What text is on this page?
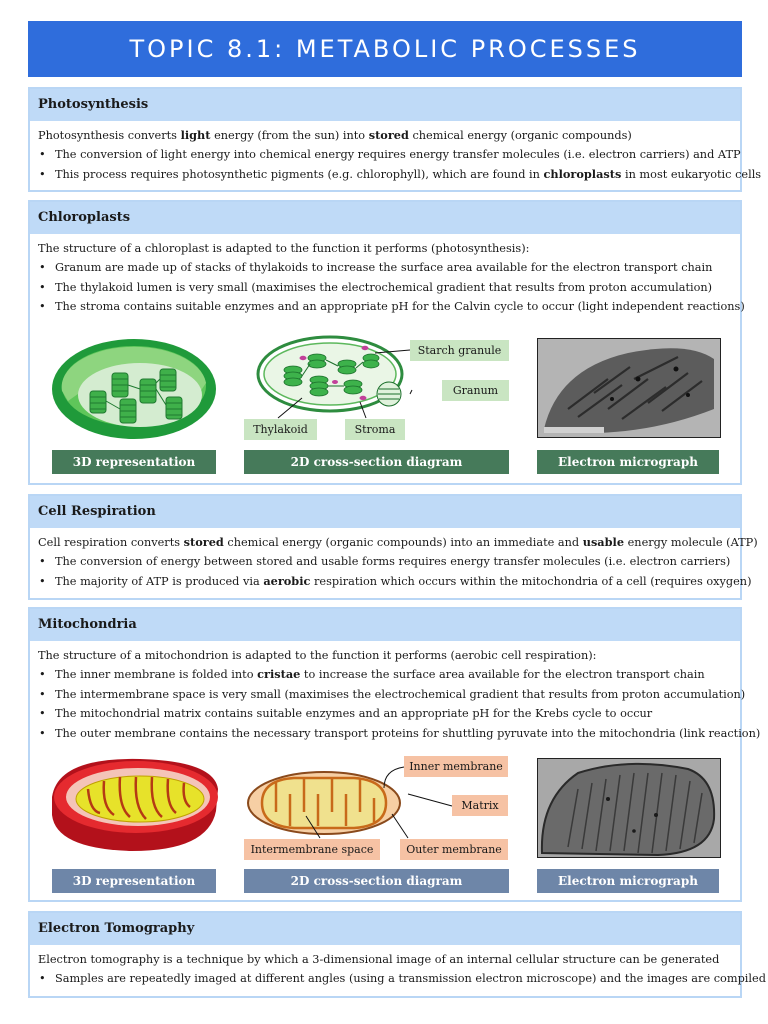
TOPIC 8.1: METABOLIC PROCESSES
Photosynthesis
Photosynthesis converts light energy (from the sun) into stored chemical energy (organic compounds)
• The conversion of light energy into chemical energy requires energy transfer molecules (i.e. electron carriers) and ATP
• This process requires photosynthetic pigments (e.g. chlorophyll), which are found in chloroplasts in most eukaryotic cells
Chloroplasts
The structure of a chloroplast is adapted to the function it performs (photosynthesis):
• Granum are made up of stacks of thylakoids to increase the surface area available for the electron transport chain
• The thylakoid lumen is very small (maximises the electrochemical gradient that results from proton accumulation)
• The stroma contains suitable enzymes and an appropriate pH for the Calvin cycle to occur (light independent reactions)
Starch granule
Granum
Thylakoid	Stroma
3D representation	2D cross-section diagram	Electron micrograph
Cell Respiration
Cell respiration converts stored chemical energy (organic compounds) into an immediate and usable energy molecule (ATP)
• The conversion of energy between stored and usable forms requires energy transfer molecules (i.e. electron carriers)
• The majority of ATP is produced via aerobic respiration which occurs within the mitochondria of a cell (requires oxygen)
Mitochondria
The structure of a mitochondrion is adapted to the function it performs (aerobic cell respiration):
• The inner membrane is folded into cristae to increase the surface area available for the electron transport chain
• The intermembrane space is very small (maximises the electrochemical gradient that results from proton accumulation)
• The mitochondrial matrix contains suitable enzymes and an appropriate pH for the Krebs cycle to occur
• The outer membrane contains the necessary transport proteins for shuttling pyruvate into the mitochondria (link reaction)
Inner membrane
Matrix
Intermembrane space	Outer membrane
3D representation	2D cross-section diagram	Electron micrograph
Electron Tomography
Electron tomography is a technique by which a 3-dimensional image of an internal cellular structure can be generated
• Samples are repeatedly imaged at different angles (using a transmission electron microscope) and the images are compiled
